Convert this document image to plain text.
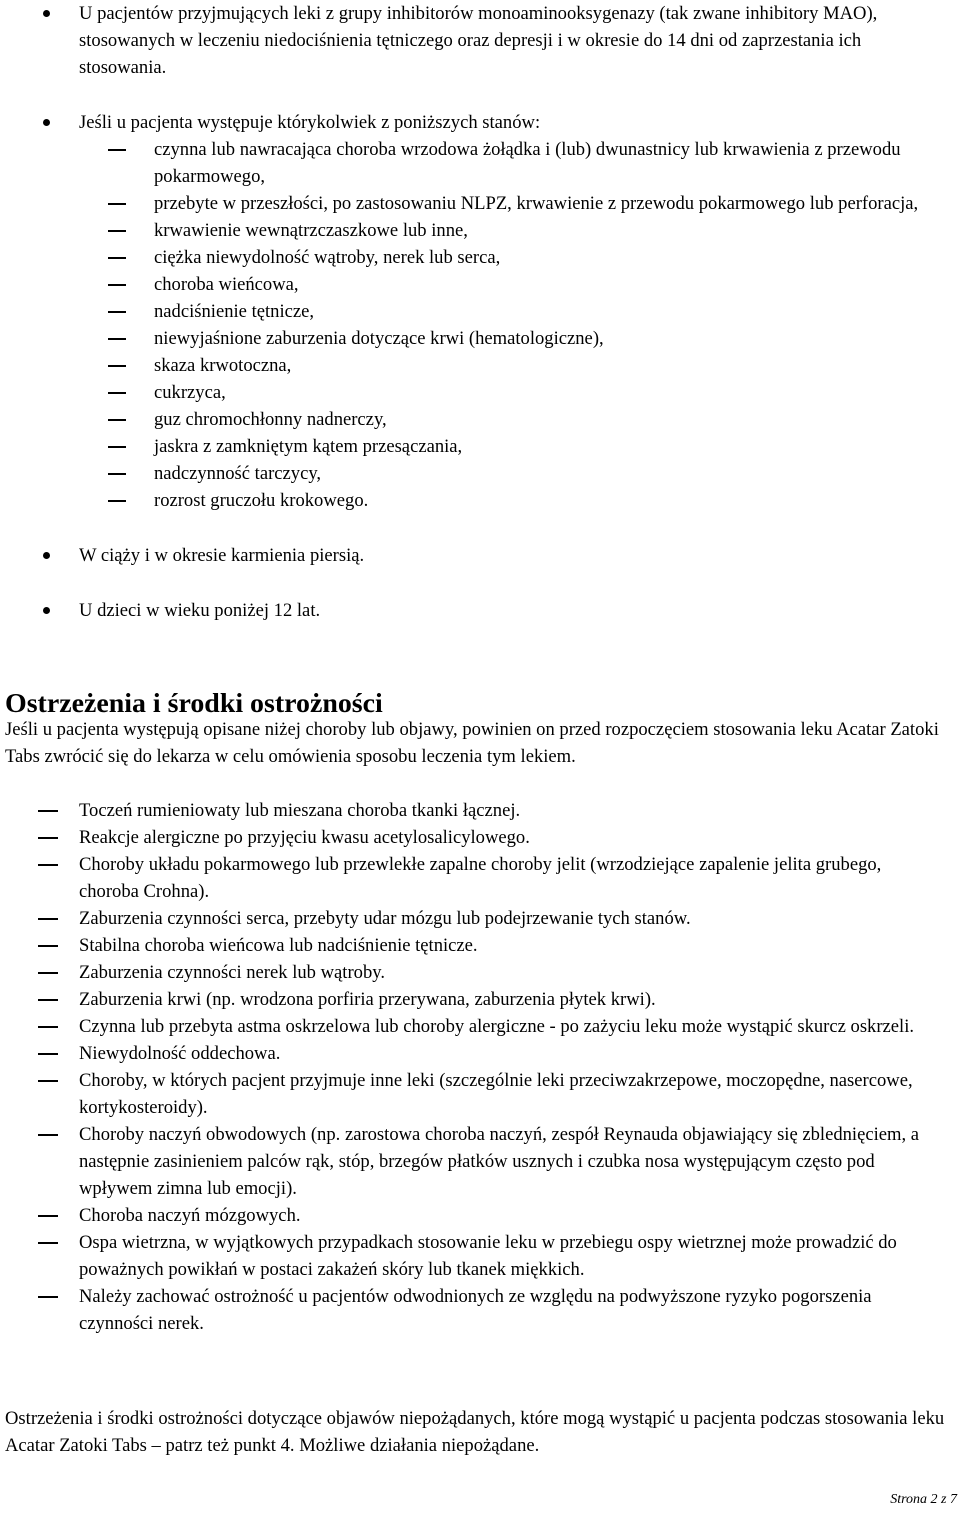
U pacjentów przyjmujących leki z grupy inhibitorów monoaminooksygenazy (tak zwane inhibitory MAO), stosowanych w leczeniu niedociśnienia tętniczego oraz depresji i w okresie do 14 dni od zaprzestania ich stosowania.
Jeśli u pacjenta występuje którykolwiek z poniższych stanów:
czynna lub nawracająca choroba wrzodowa żołądka i (lub) dwunastnicy lub krwawienia z przewodu pokarmowego,
przebyte w przeszłości, po zastosowaniu NLPZ, krwawienie z przewodu pokarmowego lub perforacja,
krwawienie wewnątrzczaszkowe lub inne,
ciężka niewydolność wątroby, nerek lub serca,
choroba wieńcowa,
nadciśnienie tętnicze,
niewyjaśnione zaburzenia dotyczące krwi (hematologiczne),
skaza krwotoczna,
cukrzyca,
guz chromochłonny nadnerczy,
jaskra z zamkniętym kątem przesączania,
nadczynność tarczycy,
rozrost gruczołu krokowego.
W ciąży i w okresie karmienia piersią.
U dzieci w wieku poniżej 12 lat.
Ostrzeżenia i środki ostrożności

Jeśli u pacjenta występują opisane niżej choroby lub objawy, powinien on przed rozpoczęciem stosowania leku Acatar Zatoki Tabs zwrócić się do lekarza w celu omówienia sposobu leczenia tym lekiem.

Toczeń rumieniowaty lub mieszana choroba tkanki łącznej.
Reakcje alergiczne po przyjęciu kwasu acetylosalicylowego.
Choroby układu pokarmowego lub przewlekłe zapalne choroby jelit (wrzodziejące zapalenie jelita grubego, choroba Crohna).
Zaburzenia czynności serca, przebyty udar mózgu lub podejrzewanie tych stanów.
Stabilna choroba wieńcowa lub nadciśnienie tętnicze.
Zaburzenia czynności nerek lub wątroby.
Zaburzenia krwi (np. wrodzona porfiria przerywana, zaburzenia płytek krwi).
Czynna lub przebyta astma oskrzelowa lub choroby alergiczne - po zażyciu leku może wystąpić skurcz oskrzeli.
Niewydolność oddechowa.
Choroby, w których pacjent przyjmuje inne leki (szczególnie leki przeciwzakrzepowe, moczopędne, nasercowe, kortykosteroidy).
Choroby naczyń obwodowych (np. zarostowa choroba naczyń, zespół Reynauda objawiający się zblednięciem, a następnie zasinieniem palców rąk, stóp, brzegów płatków usznych i czubka nosa występującym często pod wpływem zimna lub emocji).
Choroba naczyń mózgowych.
Ospa wietrzna, w wyjątkowych przypadkach stosowanie leku w przebiegu ospy wietrznej może prowadzić do poważnych powikłań w postaci zakażeń skóry lub tkanek miękkich.
Należy zachować ostrożność u pacjentów odwodnionych ze względu na podwyższone ryzyko pogorszenia czynności nerek.

Ostrzeżenia i środki ostrożności dotyczące objawów niepożądanych, które mogą wystąpić u pacjenta podczas stosowania leku Acatar Zatoki Tabs – patrz też punkt 4. Możliwe działania niepożądane.

Strona 2 z 7
